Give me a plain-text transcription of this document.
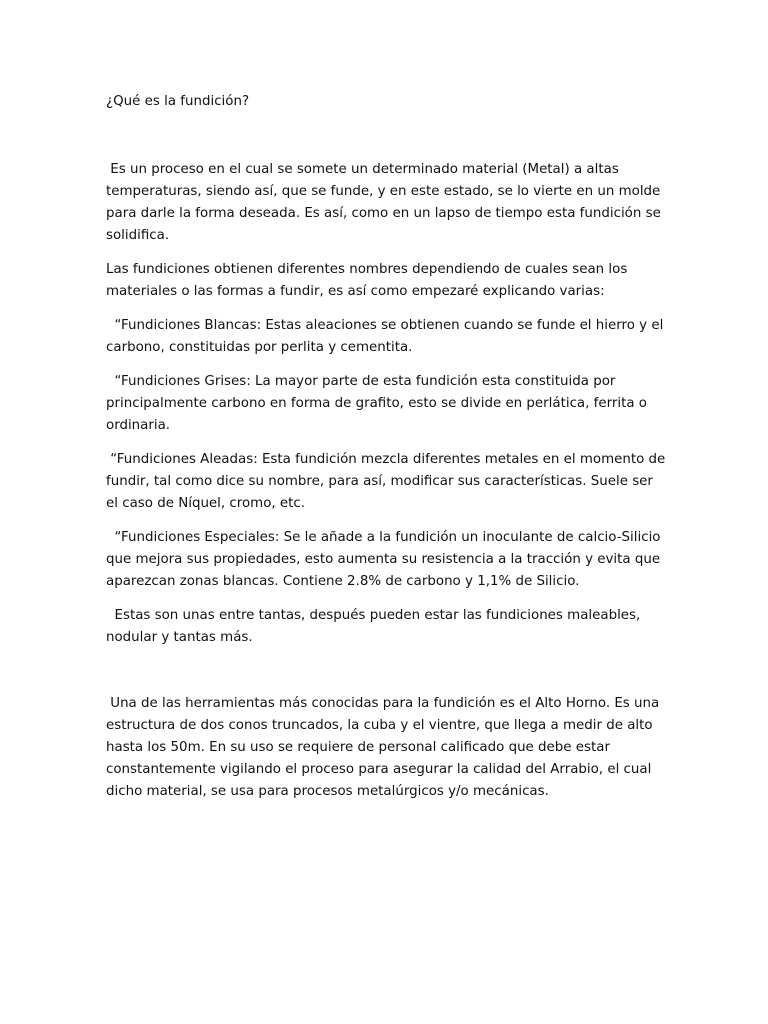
¿Qué es la fundición?

Es un proceso en el cual se somete un determinado material (Metal) a altas temperaturas, siendo así, que se funde, y en este estado, se lo vierte en un molde para darle la forma deseada. Es así, como en un lapso de tiempo esta fundición se solidifica.

Las fundiciones obtienen diferentes nombres dependiendo de cuales sean los materiales o las formas a fundir, es así como empezaré explicando varias:

“Fundiciones Blancas: Estas aleaciones se obtienen cuando se funde el hierro y el carbono, constituidas por perlita y cementita.

“Fundiciones Grises: La mayor parte de esta fundición esta constituida por principalmente carbono en forma de grafito, esto se divide en perlática, ferrita o ordinaria.

“Fundiciones Aleadas: Esta fundición mezcla diferentes metales en el momento de fundir, tal como dice su nombre, para así, modificar sus características. Suele ser el caso de Níquel, cromo, etc.

“Fundiciones Especiales: Se le añade a la fundición un inoculante de calcio-Silicio que mejora sus propiedades, esto aumenta su resistencia a la tracción y evita que aparezcan zonas blancas. Contiene 2.8% de carbono y 1,1% de Silicio.

Estas son unas entre tantas, después pueden estar las fundiciones maleables, nodular y tantas más.

Una de las herramientas más conocidas para la fundición es el Alto Horno. Es una estructura de dos conos truncados, la cuba y el vientre, que llega a medir de alto hasta los 50m. En su uso se requiere de personal calificado que debe estar constantemente vigilando el proceso para asegurar la calidad del Arrabio, el cual dicho material, se usa para procesos metalúrgicos y/o mecánicas.
